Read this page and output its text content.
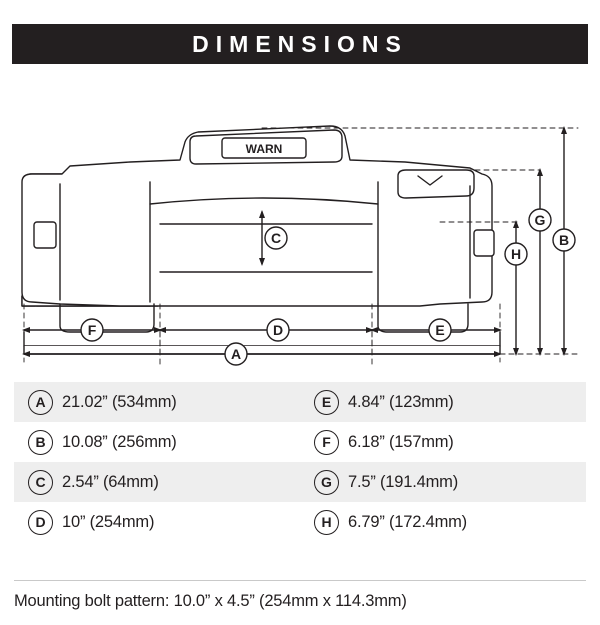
DIMENSIONS
WARN
A
B
C
D	E
F
G
H
A 21.02” (534mm)	E	4.84” (123mm)
B 10.08” (256mm)	F	6.18” (157mm)
C 2.54” (64mm)	G 7.5” (191.4mm)
D 10” (254mm)	H 6.79” (172.4mm)
Mounting bolt pattern: 10.0” x 4.5” (254mm x 114.3mm)
